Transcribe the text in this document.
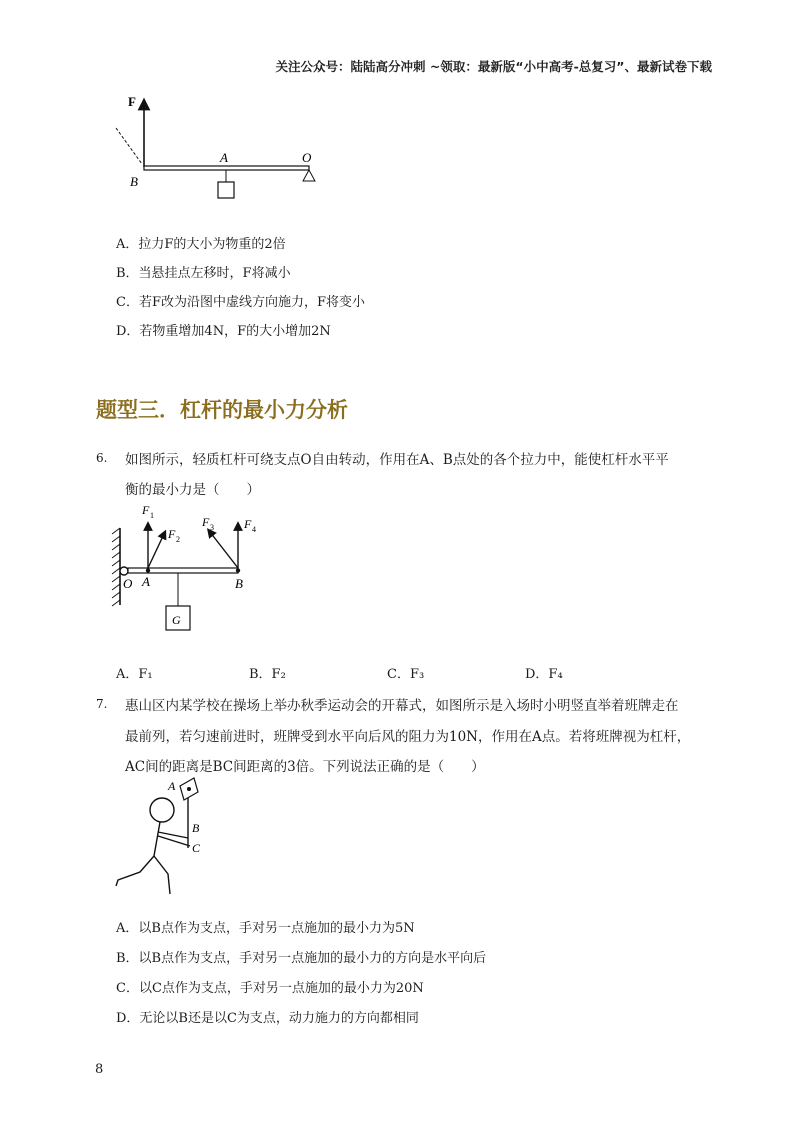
关注公众号：陆陆高分冲刺 ~领取：最新版“小中高考-总复习”、最新试卷下载
F
A	O
B
A．拉力F的大小为物重的2倍
B．当悬挂点左移时，F将减小
C．若F改为沿图中虚线方向施力，F将变小
D．若物重增加4N，F的大小增加2N
题型三．杠杆的最小力分析
6. 如图所示，轻质杠杆可绕支点O自由转动，作用在A、B点处的各个拉力中，能使杠杆水平平
衡的最小力是（　　）
F 1
F 2
F 3	F 4
O A	B
G
A．F₁	B．F₂	C．F₃	D．F₄
7. 惠山区内某学校在操场上举办秋季运动会的开幕式，如图所示是入场时小明竖直举着班牌走在
最前列，若匀速前进时，班牌受到水平向后风的阻力为10N，作用在A点。若将班牌视为杠杆，
AC间的距离是BC间距离的3倍。下列说法正确的是（　　）
A
B
C
A．以B点作为支点，手对另一点施加的最小力为5N
B．以B点作为支点，手对另一点施加的最小力的方向是水平向后
C．以C点作为支点，手对另一点施加的最小力为20N
D．无论以B还是以C为支点，动力施力的方向都相同
8
